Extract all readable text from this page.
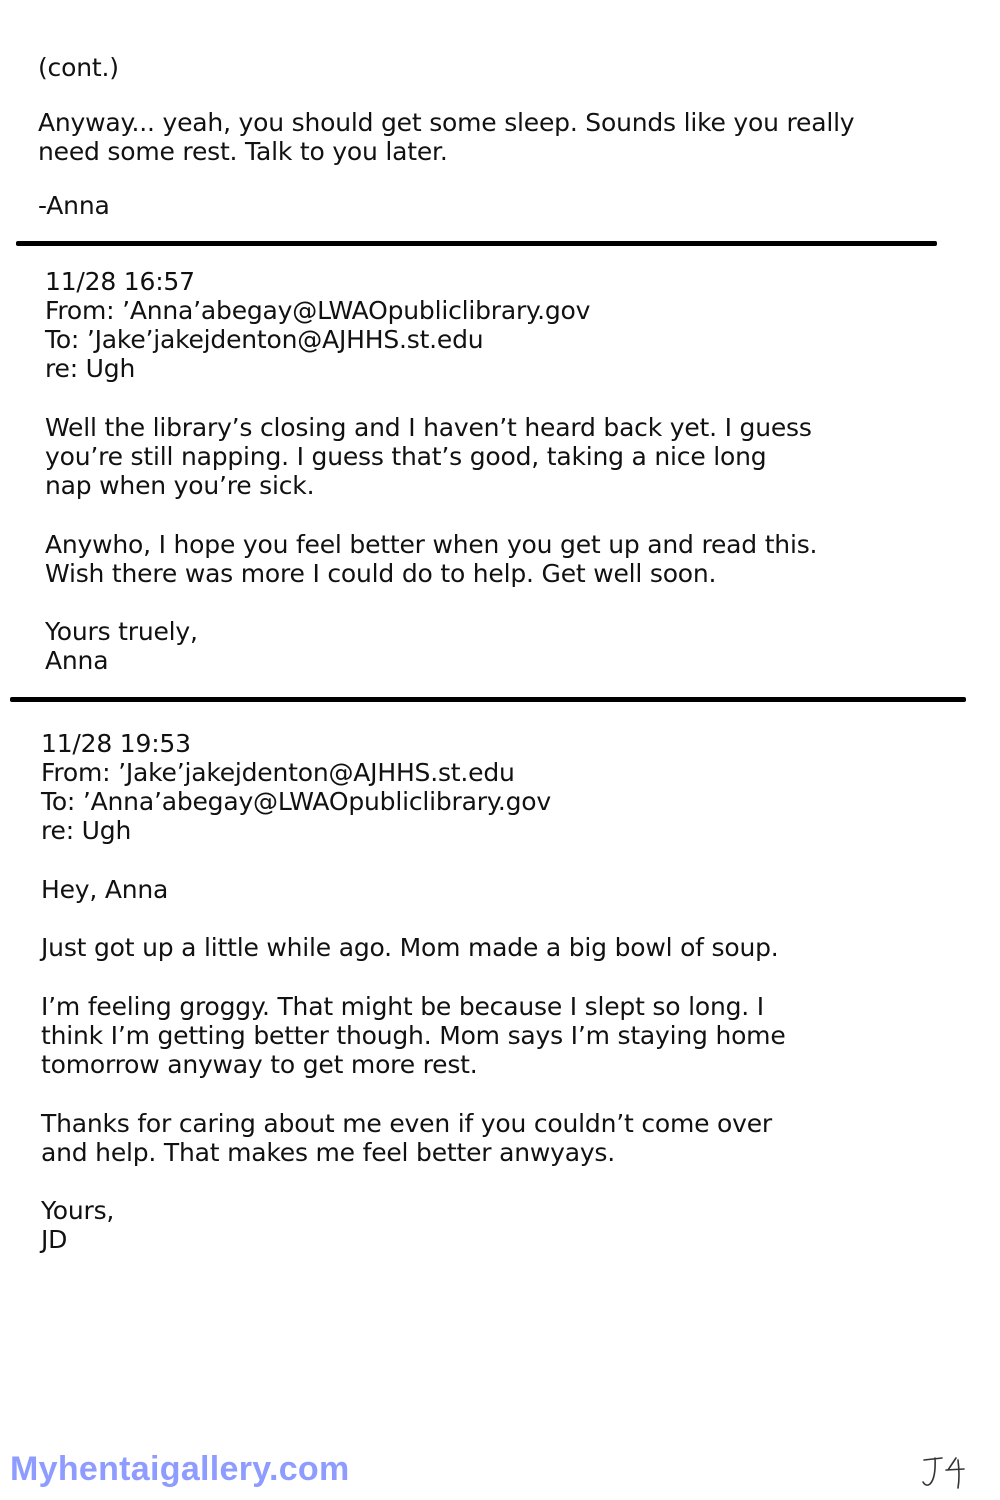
(cont.)
Anyway... yeah, you should get some sleep. Sounds like you really
need some rest. Talk to you later.
-Anna
11/28 16:57
From: ’Anna’abegay@LWAOpubliclibrary.gov
To: ’Jake’jakejdenton@AJHHS.st.edu
re: Ugh
Well the library’s closing and I haven’t heard back yet. I guess
you’re still napping. I guess that’s good, taking a nice long
nap when you’re sick.
Anywho, I hope you feel better when you get up and read this.
Wish there was more I could do to help. Get well soon.
Yours truely,
Anna
11/28 19:53
From: ’Jake’jakejdenton@AJHHS.st.edu
To: ’Anna’abegay@LWAOpubliclibrary.gov
re: Ugh
Hey, Anna
Just got up a little while ago. Mom made a big bowl of soup.
I’m feeling groggy. That might be because I slept so long. I
think I’m getting better though. Mom says I’m staying home
tomorrow anyway to get more rest.
Thanks for caring about me even if you couldn’t come over
and help. That makes me feel better anwyays.
Yours,
JD
Myhentaigallery.com
